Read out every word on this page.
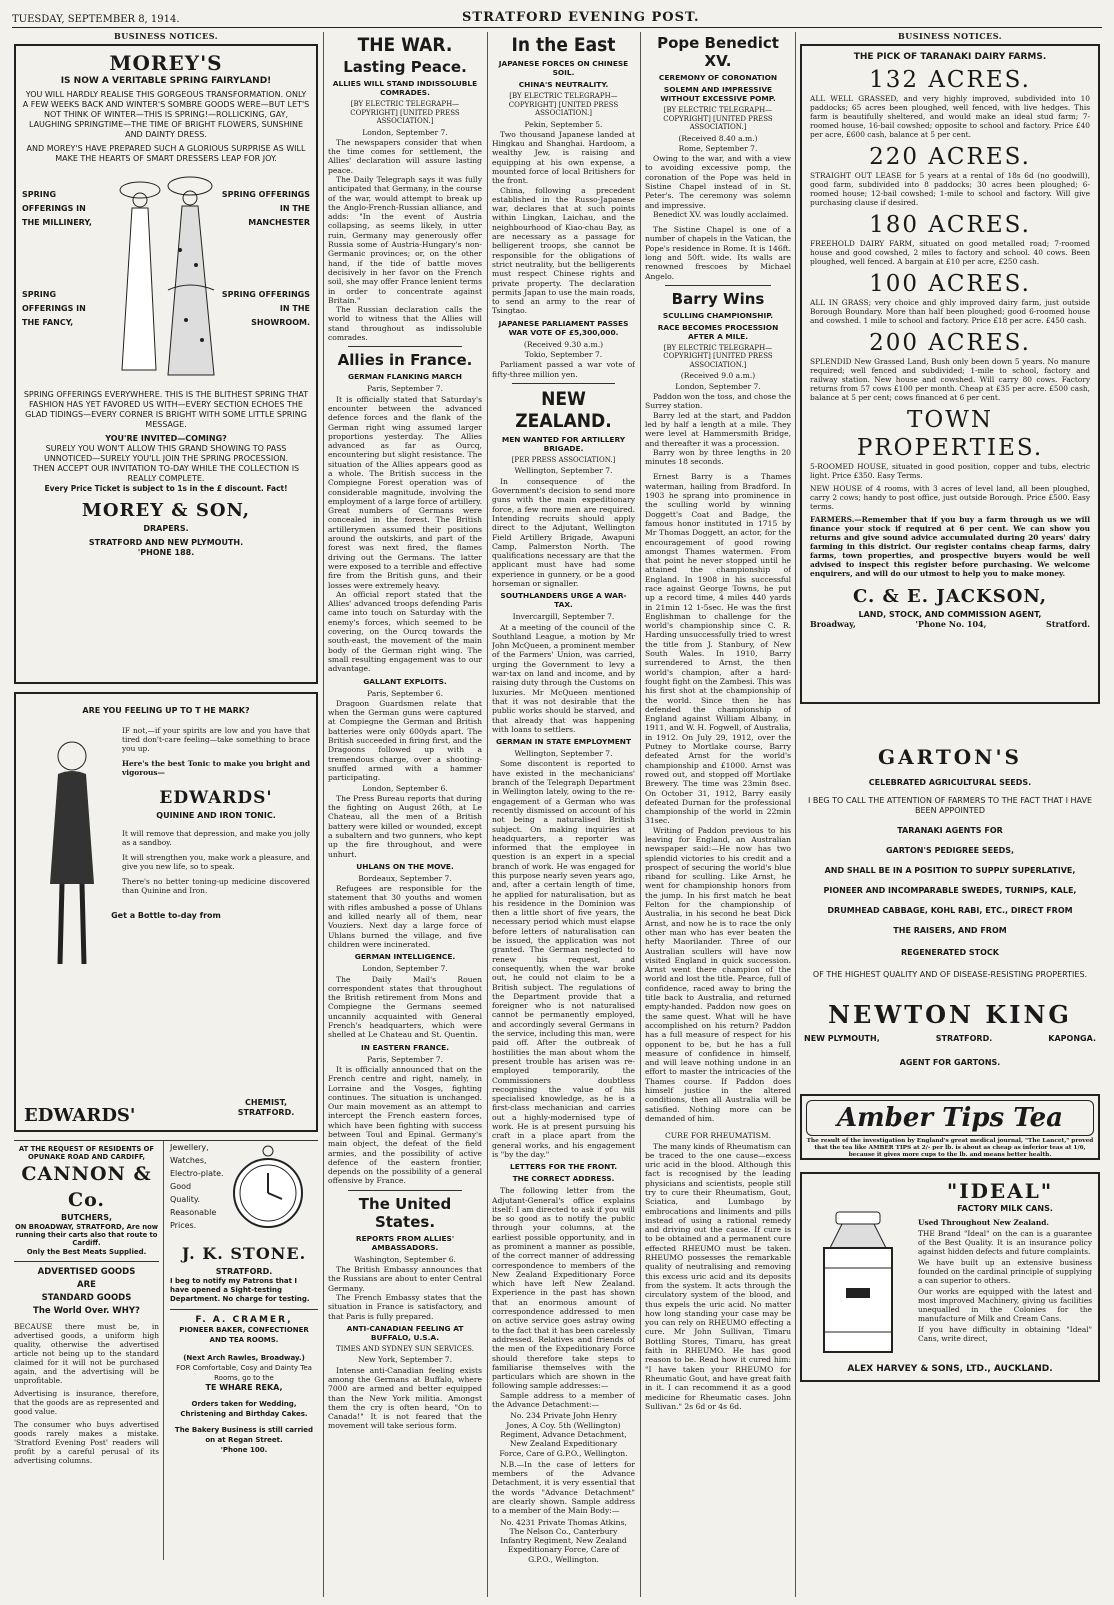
TUESDAY, SEPTEMBER 8, 1914.	STRATFORD EVENING POST.
BUSINESS NOTICES.
MOREY'S
IS NOW A VERITABLE SPRING FAIRYLAND!
YOU WILL HARDLY REALISE THIS GORGEOUS TRANSFORMATION. ONLY A FEW WEEKS BACK AND WINTER'S SOMBRE GOODS WERE—BUT LET'S NOT THINK OF WINTER—THIS IS SPRING!—ROLLICKING, GAY, LAUGHING SPRINGTIME—THE TIME OF BRIGHT FLOWERS, SUNSHINE AND DAINTY DRESS.
AND MOREY'S HAVE PREPARED SUCH A GLORIOUS SURPRISE AS WILL MAKE THE HEARTS OF SMART DRESSERS LEAP FOR JOY.
SPRING OFFERINGS IN THE MILLINERY,
SPRING OFFERINGS IN THE FANCY,
SPRING OFFERINGS IN THE MANCHESTER
SPRING OFFERINGS IN THE SHOWROOM.
SPRING OFFERINGS EVERYWHERE. THIS IS THE BLITHEST SPRING THAT FASHION HAS YET FAVORED US WITH—EVERY SECTION ECHOES THE GLAD TIDINGS—EVERY CORNER IS BRIGHT WITH SOME LITTLE SPRING MESSAGE.
YOU'RE INVITED—COMING?
SURELY YOU WON'T ALLOW THIS GRAND SHOWING TO PASS UNNOTICED—SURELY YOU'LL JOIN THE SPRING PROCESSION.
THEN ACCEPT OUR INVITATION TO-DAY WHILE THE COLLECTION IS REALLY COMPLETE.
Every Price Ticket is subject to 1s in the £ discount. Fact!
MOREY & SON,
DRAPERS.
STRATFORD AND NEW PLYMOUTH.
'PHONE 188.
ARE YOU FEELING UP TO T HE MARK?
IF not,—if your spirits are low and you have that tired don't-care feeling—take something to brace you up.
Here's the best Tonic to make you bright and vigorous—
EDWARDS'
QUININE AND IRON TONIC.
It will remove that depression, and make you jolly as a sandboy.
It will strengthen you, make work a pleasure, and give you new life, so to speak.
There's no better toning-up medicine discovered than Quinine and Iron.
Get a Bottle to-day from
EDWARDS'
CHEMIST, STRATFORD.
AT THE REQUEST OF RESIDENTS OF OPUNAKE ROAD AND CARDIFF,
CANNON & Co.
BUTCHERS,
ON BROADWAY, STRATFORD, Are now running their carts also that route to Cardiff.
Only the Best Meats Supplied.
ADVERTISED GOODS
ARE
STANDARD GOODS
The World Over. WHY?
BECAUSE there must be, in advertised goods, a uniform high quality, otherwise the advertised article not being up to the standard claimed for it will not be purchased again, and the advertising will be unprofitable.
Advertising is insurance, therefore, that the goods are as represented and good value.
The consumer who buys advertised goods rarely makes a mistake. 'Stratford Evening Post' readers will profit by a careful perusal of its advertising columns.
Jewellery,
Watches,
Electro-plate.
Good
Quality.
Reasonable
Prices.
J. K. STONE.
STRATFORD.
I beg to notify my Patrons that I have opened a Sight-testing Department. No charge for testing.
F. A. CRAMER,
PIONEER BAKER, CONFECTIONER AND TEA ROOMS.
(Next Arch Rawles, Broadway.)
FOR Comfortable, Cosy and Dainty Tea Rooms, go to the
TE WHARE REKA,
Orders taken for Wedding, Christening and Birthday Cakes.
The Bakery Business is still carried on at Regan Street.
'Phone 100.
THE WAR.
Lasting Peace.
ALLIES WILL STAND INDISSOLUBLE COMRADES.
[BY ELECTRIC TELEGRAPH—COPYRIGHT] [UNITED PRESS ASSOCIATION.]
London, September 7.

The newspapers consider that when the time comes for settlement, the Allies' declaration will assure lasting peace.

The Daily Telegraph says it was fully anticipated that Germany, in the course of the war, would attempt to break up the Anglo-French-Russian alliance, and adds: "In the event of Austria collapsing, as seems likely, in utter ruin, Germany may generously offer Russia some of Austria-Hungary's non-Germanic provinces; or, on the other hand, if the tide of battle moves decisively in her favor on the French soil, she may offer France lenient terms in order to concentrate against Britain."

The Russian declaration calls the world to witness that the Allies will stand throughout as indissoluble comrades.

Allies in France.
GERMAN FLANKING MARCH
Paris, September 7.

It is officially stated that Saturday's encounter between the advanced defence forces and the flank of the German right wing assumed larger proportions yesterday. The Allies advanced as far as Ourcq, encountering but slight resistance. The situation of the Allies appears good as a whole. The British success in the Compiegne Forest operation was of considerable magnitude, involving the employment of a large force of artillery. Great numbers of Germans were concealed in the forest. The British artillerymen assumed their positions around the outskirts, and part of the forest was next fired, the flames driving out the Germans. The latter were exposed to a terrible and effective fire from the British guns, and their losses were extremely heavy.

An official report stated that the Allies' advanced troops defending Paris came into touch on Saturday with the enemy's forces, which seemed to be covering, on the Ourcq towards the south-east, the movement of the main body of the German right wing. The small resulting engagement was to our advantage.

GALLANT EXPLOITS.
Paris, September 6.

Dragoon Guardsmen relate that when the German guns were captured at Compiegne the German and British batteries were only 600yds apart. The British succeeded in firing first, and the Dragoons followed up with a tremendous charge, over a shooting-snuffed armed with a hammer participating.

London, September 6.

The Press Bureau reports that during the fighting on August 26th, at Le Chateau, all the men of a British battery were killed or wounded, except a subaltern and two gunners, who kept up the fire throughout, and were unhurt.

UHLANS ON THE MOVE.
Bordeaux, September 7.

Refugees are responsible for the statement that 30 youths and women with rifles ambushed a posse of Uhlans and killed nearly all of them, near Vouziers. Next day a large force of Uhlans burned the village, and five children were incinerated.

GERMAN INTELLIGENCE.
London, September 7.

The Daily Mail's Rouen correspondent states that throughout the British retirement from Mons and Compiegne the Germans seemed uncannily acquainted with General French's headquarters, which were shelled at Le Chateau and St. Quentin.

IN EASTERN FRANCE.
Paris, September 7.

It is officially announced that on the French centre and right, namely, in Lorraine and the Vosges, fighting continues. The situation is unchanged. Our main movement as an attempt to intercept the French eastern forces, which have been fighting with success between Toul and Epinal. Germany's main object, the defeat of the field armies, and the possibility of active defence of the eastern frontier, depends on the possibility of a general offensive by France.

The United States.
REPORTS FROM ALLIES' AMBASSADORS.
Washington, September 6.

The British Embassy announces that the Russians are about to enter Central Germany.

The French Embassy states that the situation in France is satisfactory, and that Paris is fully prepared.

ANTI-CANADIAN FEELING AT BUFFALO, U.S.A.
TIMES AND SYDNEY SUN SERVICES.
New York, September 7.

Intense anti-Canadian feeling exists among the Germans at Buffalo, where 7000 are armed and better equipped than the New York militia. Amongst them the cry is often heard, "On to Canada!" It is not feared that the movement will take serious form.

In the East
JAPANESE FORCES ON CHINESE SOIL.
CHINA'S NEUTRALITY.
[BY ELECTRIC TELEGRAPH—COPYRIGHT] [UNITED PRESS ASSOCIATION.]
Pekin, September 5.

Two thousand Japanese landed at Hingkau and Shanghai. Hardoom, a wealthy Jew, is raising and equipping at his own expense, a mounted force of local Britishers for the front.

China, following a precedent established in the Russo-Japanese war, declares that at such points within Lingkan, Laichau, and the neighbourhood of Kiao-chau Bay, as are necessary as a passage for belligerent troops, she cannot be responsible for the obligations of strict neutrality, but the belligerents must respect Chinese rights and private property. The declaration permits Japan to use the main roads, to send an army to the rear of Tsingtao.

JAPANESE PARLIAMENT PASSES WAR VOTE OF £5,300,000.
(Received 9.30 a.m.)
Tokio, September 7.

Parliament passed a war vote of fifty-three million yen.

NEW ZEALAND.
MEN WANTED FOR ARTILLERY BRIGADE.
[PER PRESS ASSOCIATION.]
Wellington, September 7.

In consequence of the Government's decision to send more guns with the main expeditionary force, a few more men are required. Intending recruits should apply direct to the Adjutant, Wellington Field Artillery Brigade, Awapuni Camp, Palmerston North. The qualifications necessary are that the applicant must have had some experience in gunnery, or be a good horseman or signaller.

SOUTHLANDERS URGE A WAR-TAX.
Invercargill, September 7.

At a meeting of the council of the Southland League, a motion by Mr John McQueen, a prominent member of the Farmers' Union, was carried, urging the Government to levy a war-tax on land and income, and by raising duty through the Customs on luxuries. Mr McQueen mentioned that it was not desirable that the public works should be starved, and that already that was happening with loans to settlers.

GERMAN IN STATE EMPLOYMENT
Wellington, September 7.

Some discontent is reported to have existed in the mechanicians' branch of the Telegraph Department in Wellington lately, owing to the re-engagement of a German who was recently dismissed on account of his not being a naturalised British subject. On making inquiries at headquarters, a reporter was informed that the employee in question is an expert in a special branch of work. He was engaged for this purpose nearly seven years ago, and, after a certain length of time, he applied for naturalisation, but as his residence in the Dominion was then a little short of five years, the necessary period which must elapse before letters of naturalisation can be issued, the application was not granted. The German neglected to renew his request, and consequently, when the war broke out, he could not claim to be a British subject. The regulations of the Department provide that a foreigner who is not naturalised cannot be permanently employed, and accordingly several Germans in the service, including this man, were paid off. After the outbreak of hostilities the man about whom the present trouble has arisen was re-employed temporarily, the Commissioners doubtless recognising the value of his specialised knowledge, as he is a first-class mechanician and carries out a highly-modernised type of work. He is at present pursuing his craft in a place apart from the general works, and his engagement is "by the day."

LETTERS FOR THE FRONT.
THE CORRECT ADDRESS.

The following letter from the Adjutant-General's office explains itself: I am directed to ask if you will be so good as to notify the public through your columns, at the earliest possible opportunity, and in as prominent a manner as possible, of the correct manner of addressing correspondence to members of the New Zealand Expeditionary Force which have left New Zealand. Experience in the past has shown that an enormous amount of correspondence addressed to men on active service goes astray owing to the fact that it has been carelessly addressed. Relatives and friends of the men of the Expeditionary Force should therefore take steps to familiarise themselves with the particulars which are shown in the following sample addresses:—

Sample address to a member of the Advance Detachment:—

No. 234 Private John Henry Jones, A Coy. 5th (Wellington) Regiment, Advance Detachment, New Zealand Expeditionary Force, Care of G.P.O., Wellington.

N.B.—In the case of letters for members of the Advance Detachment, it is very essential that the words "Advance Detachment" are clearly shown. Sample address to a member of the Main Body:—

No. 4231 Private Thomas Atkins, The Nelson Co., Canterbury Infantry Regiment, New Zealand Expeditionary Force, Care of G.P.O., Wellington.
Pope Benedict XV.
CEREMONY OF CORONATION
SOLEMN AND IMPRESSIVE WITHOUT EXCESSIVE POMP.
[BY ELECTRIC TELEGRAPH—COPYRIGHT] [UNITED PRESS ASSOCIATION.]
(Received 8.40 a.m.)
Rome, September 7.

Owing to the war, and with a view to avoiding excessive pomp, the coronation of the Pope was held in Sistine Chapel instead of in St. Peter's. The ceremony was solemn and impressive.

Benedict XV. was loudly acclaimed.

The Sistine Chapel is one of a number of chapels in the Vatican, the Pope's residence in Rome. It is 146ft. long and 50ft. wide. Its walls are renowned frescoes by Michael Angelo.

Barry Wins
SCULLING CHAMPIONSHIP.
RACE BECOMES PROCESSION AFTER A MILE.
[BY ELECTRIC TELEGRAPH—COPYRIGHT] [UNITED PRESS ASSOCIATION.]
(Received 9.0 a.m.)
London, September 7.

Paddon won the toss, and chose the Surrey station.

Barry led at the start, and Paddon led by half a length at a mile. They were level at Hammersmith Bridge, and thereafter it was a procession.

Barry won by three lengths in 20 minutes 18 seconds.

Ernest Barry is a Thames waterman, hailing from Bradford. In 1903 he sprang into prominence in the sculling world by winning Doggett's Coat and Badge, the famous honor instituted in 1715 by Mr Thomas Doggett, an actor, for the encouragement of good rowing amongst Thames watermen. From that point he never stopped until he attained the championship of England. In 1908 in his successful race against George Towns, he put up a record time, 4 miles 440 yards in 21min 12 1-5sec. He was the first Englishman to challenge for the world's championship since C. R. Harding unsuccessfully tried to wrest the title from J. Stanbury, of New South Wales. In 1910, Barry surrendered to Arnst, the then world's champion, after a hard-fought fight on the Zambesi. This was his first shot at the championship of the world. Since then he has defended the championship of England against William Albany, in 1911, and W. H. Fogwell, of Australia, in 1912. On July 29, 1912, over the Putney to Mortlake course, Barry defeated Arnst for the world's championship and £1000. Arnst was rowed out, and stopped off Mortlake Brewery. The time was 23min 8sec. On October 31, 1912, Barry easily defeated Durnan for the professional championship of the world in 22min 31sec.

Writing of Paddon previous to his leaving for England, an Australian newspaper said:—He now has two splendid victories to his credit and a prospect of securing the world's blue riband for sculling. Like Arnst, he went for championship honors from the jump. In his first match he beat Felton for the championship of Australia, in his second he beat Dick Arnst, and now he is to race the only other man who has ever beaten the hefty Maorilander. Three of our Australian scullers will have now visited England in quick succession. Arnst went there champion of the world and lost the title. Pearce, full of confidence, raced away to bring the title back to Australia, and returned empty-handed. Paddon now goes on the same quest. What will he have accomplished on his return? Paddon has a full measure of respect for his opponent to be, but he has a full measure of confidence in himself, and will leave nothing undone in an effort to master the intricacies of the Thames course. If Paddon does himself justice in the altered conditions, then all Australia will be satisfied. Nothing more can be demanded of him.

CURE FOR RHEUMATISM.

The many kinds of Rheumatism can be traced to the one cause—excess uric acid in the blood. Although this fact is recognised by the leading physicians and scientists, people still try to cure their Rheumatism, Gout, Sciatica, and Lumbago by embrocations and liniments and pills instead of using a rational remedy and driving out the cause. If cure is to be obtained and a permanent cure effected RHEUMO must be taken. RHEUMO possesses the remarkable quality of neutralising and removing this excess uric acid and its deposits from the system. It acts through the circulatory system of the blood, and thus expels the uric acid. No matter how long standing your case may be you can rely on RHEUMO effecting a cure. Mr John Sullivan, Timaru Bottling Stores, Timaru, has great faith in RHEUMO. He has good reason to be. Read how it cured him: "I have taken your RHEUMO for Rheumatic Gout, and have great faith in it. I can recommend it as a good medicine for Rheumatic cases. John Sullivan." 2s 6d or 4s 6d.

BUSINESS NOTICES.
THE PICK OF TARANAKI DAIRY FARMS.
132 ACRES.
ALL WELL GRASSED, and very highly improved, subdivided into 10 paddocks; 65 acres been ploughed, well fenced, with live hedges. This farm is beautifully sheltered, and would make an ideal stud farm; 7-roomed house, 16-bail cowshed; opposite to school and factory. Price £40 per acre, £600 cash, balance at 5 per cent.
220 ACRES.
STRAIGHT OUT LEASE for 5 years at a rental of 18s 6d (no goodwill), good farm, subdivided into 8 paddocks; 30 acres been ploughed; 6-roomed house; 12-bail cowshed; 1-mile to school and factory. Will give purchasing clause if desired.
180 ACRES.
FREEHOLD DAIRY FARM, situated on good metalled road; 7-roomed house and good cowshed, 2 miles to factory and school. 40 cows. Been ploughed, well fenced. A bargain at £10 per acre, £250 cash.
100 ACRES.
ALL IN GRASS; very choice and ghly improved dairy farm, just outside Borough Boundary. More than half been ploughed; good 6-roomed house and cowshed. 1 mile to school and factory. Price £18 per acre. £450 cash.
200 ACRES.
SPLENDID New Grassed Land, Bush only been down 5 years. No manure required; well fenced and subdivided; 1-mile to school, factory and railway station. New house and cowshed. Will carry 80 cows. Factory returns from 57 cows £100 per month. Cheap at £35 per acre. £500 cash, balance at 5 per cent; cows financed at 6 per cent.
TOWN PROPERTIES.
5-ROOMED HOUSE, situated in good position, copper and tubs, electric light. Price £350. Easy Terms.
NEW HOUSE of 4 rooms, with 3 acres of level land, all been ploughed, carry 2 cows; handy to post office, just outside Borough. Price £500. Easy terms.
FARMERS.—Remember that if you buy a farm through us we will finance your stock if required at 6 per cent. We can show you returns and give sound advice accumulated during 20 years' dairy farming in this district. Our register contains cheap farms, dairy farms, town properties, and prospective buyers would be well advised to inspect this register before purchasing. We welcome enquirers, and will do our utmost to help you to make money.
C. & E. JACKSON,
LAND, STOCK, AND COMMISSION AGENT,
Broadway,	'Phone No. 104,	Stratford.
GARTON'S
CELEBRATED AGRICULTURAL SEEDS.
I BEG TO CALL THE ATTENTION OF FARMERS TO THE FACT THAT I HAVE BEEN APPOINTED
TARANAKI AGENTS FOR
GARTON'S PEDIGREE SEEDS,
AND SHALL BE IN A POSITION TO SUPPLY SUPERLATIVE,
PIONEER AND INCOMPARABLE SWEDES, TURNIPS, KALE,
DRUMHEAD CABBAGE, KOHL RABI, ETC., DIRECT FROM
THE RAISERS, AND FROM
REGENERATED STOCK
OF THE HIGHEST QUALITY AND OF DISEASE-RESISTING PROPERTIES.
NEWTON KING
NEW PLYMOUTH,	STRATFORD.	KAPONGA.
AGENT FOR GARTONS.
Amber Tips Tea
The result of the investigation by England's great medical journal, "The Lancet," proved that the tea like AMBER TIPS at 2/- per lb. is about as cheap as inferior teas at 1/6, because it gives more cups to the lb. and means better health.
"IDEAL"
FACTORY MILK CANS.
Used Throughout New Zealand.
THE Brand "Ideal" on the can is a guarantee of the Best Quality. It is an insurance policy against hidden defects and future complaints.
We have built up an extensive business founded on the cardinal principle of supplying a can superior to others.
Our works are equipped with the latest and most improved Machinery, giving us facilities unequalled in the Colonies for the manufacture of Milk and Cream Cans.
If you have difficulty in obtaining "Ideal" Cans, write direct,
ALEX HARVEY & SONS, LTD., AUCKLAND.
